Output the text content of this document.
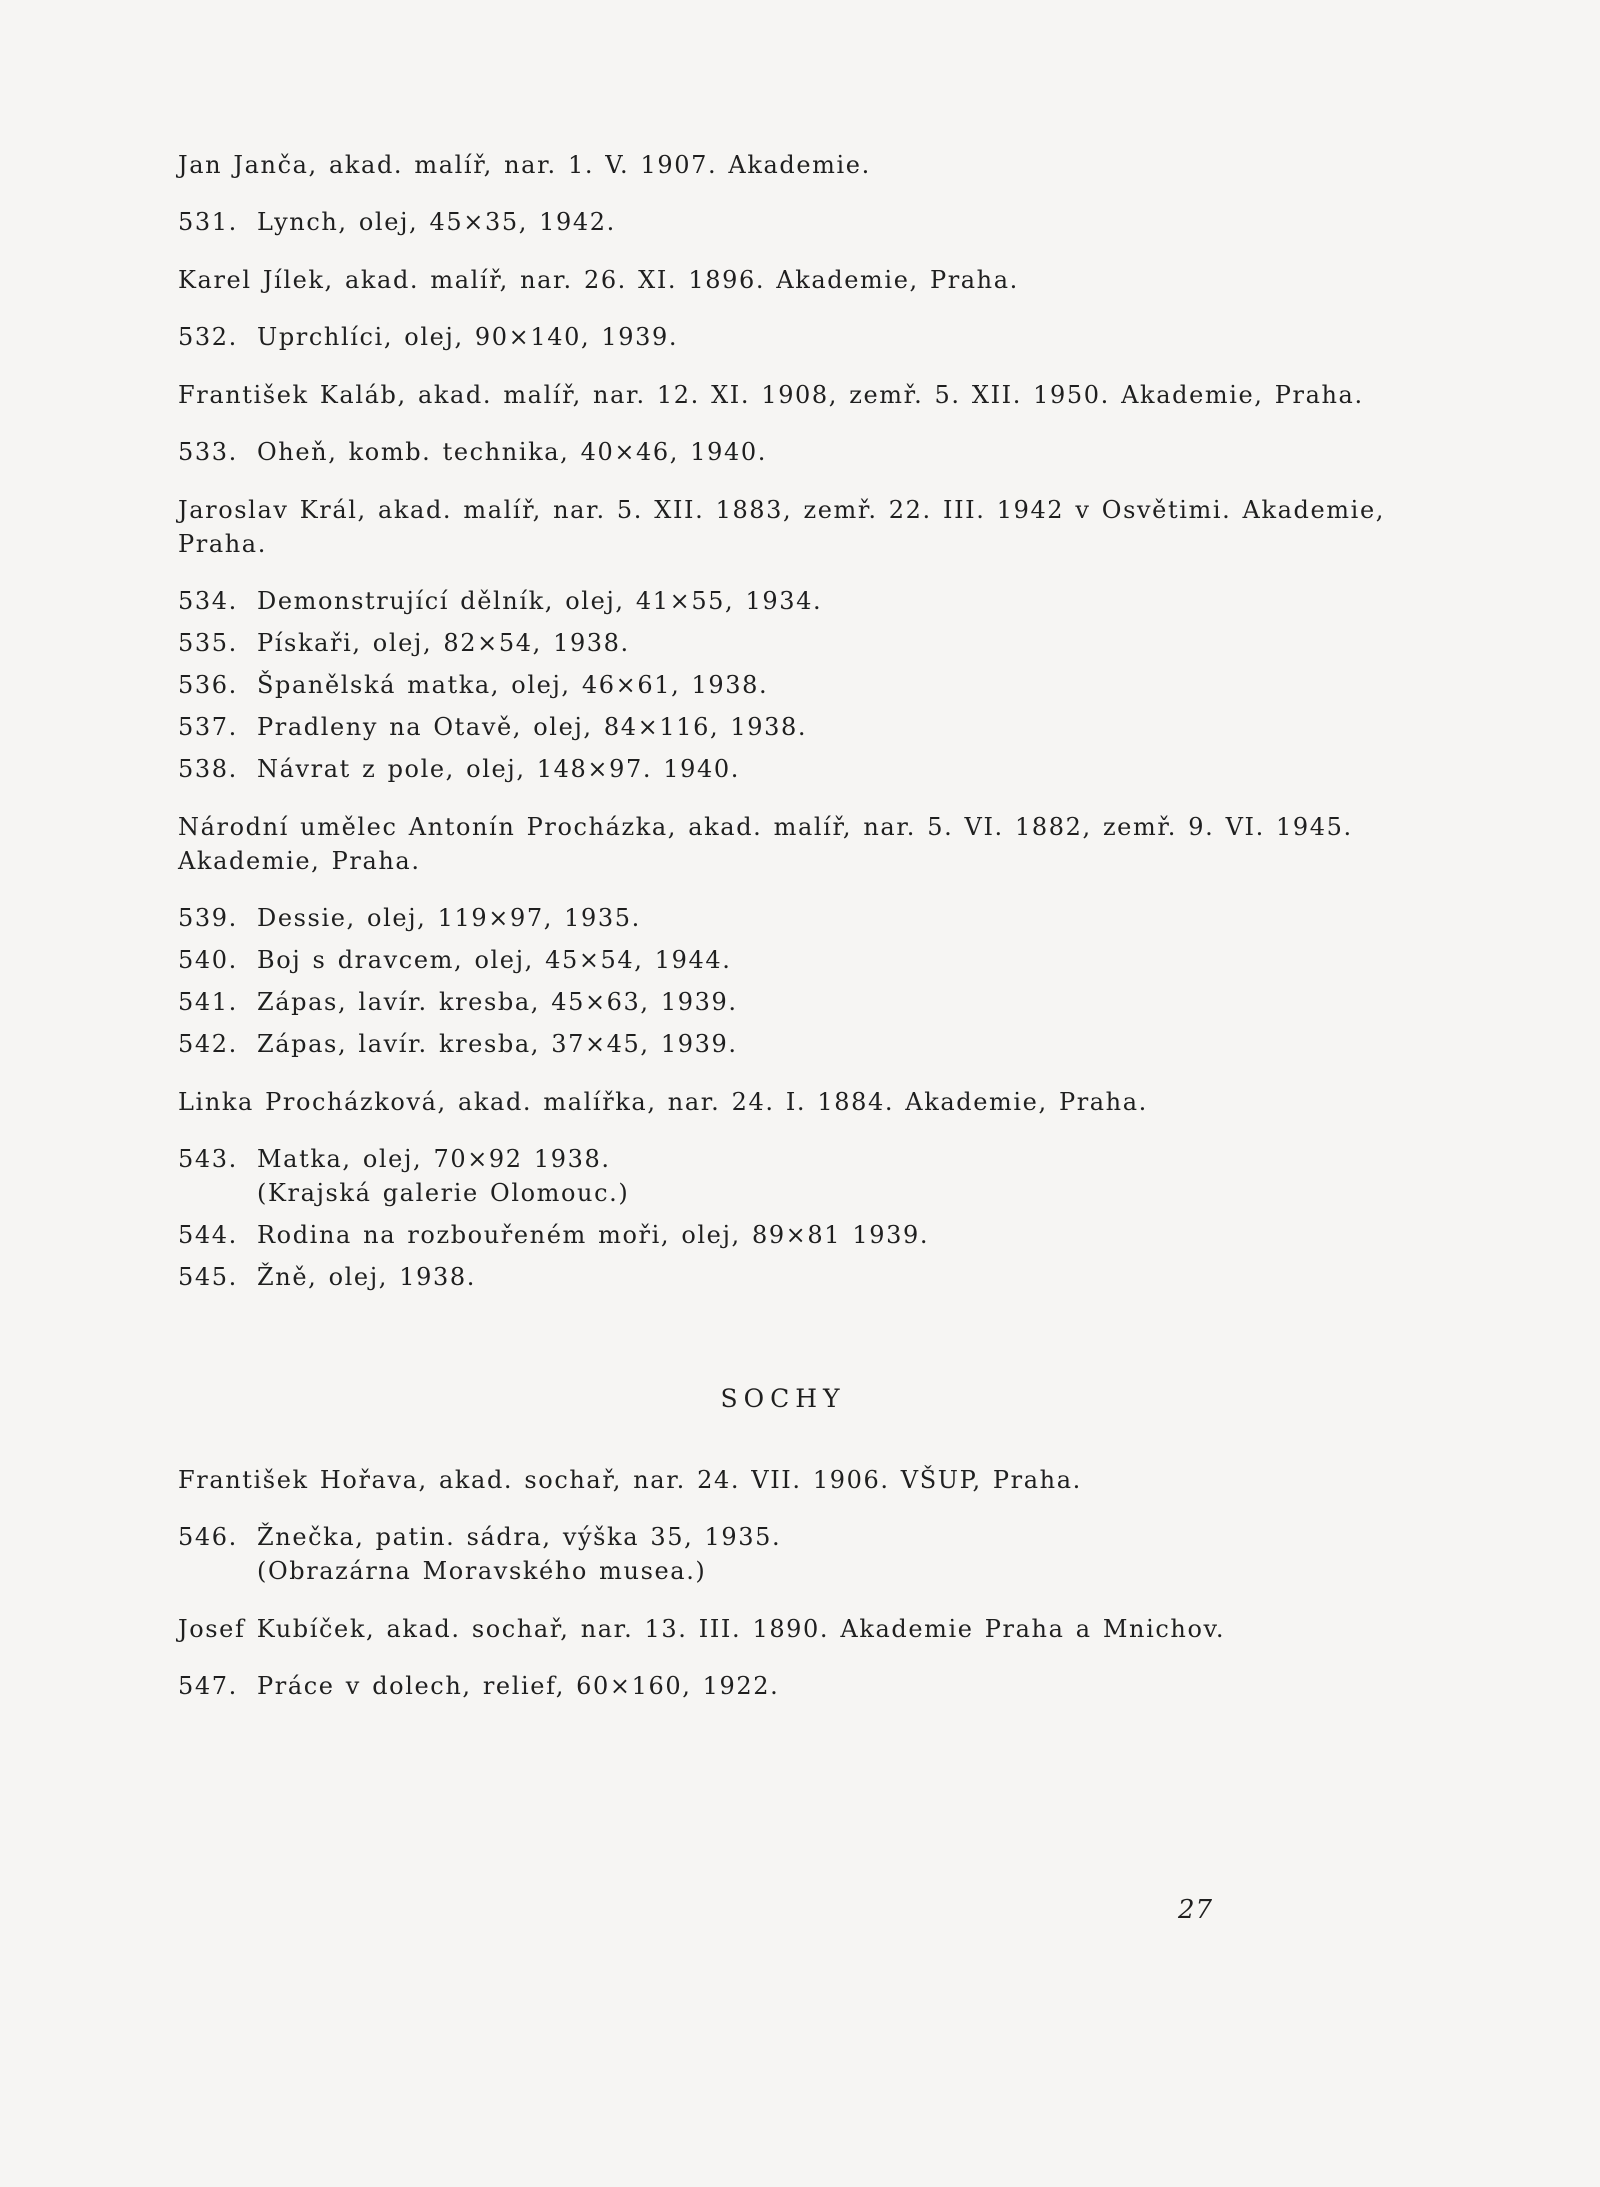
Jan Janča, akad. malíř, nar. 1. V. 1907. Akademie.
531. Lynch, olej, 45×35, 1942.
Karel Jílek, akad. malíř, nar. 26. XI. 1896. Akademie, Praha.
532. Uprchlíci, olej, 90×140, 1939.
František Kaláb, akad. malíř, nar. 12. XI. 1908, zemř. 5. XII. 1950. Akademie, Praha.
533. Oheň, komb. technika, 40×46, 1940.
Jaroslav Král, akad. malíř, nar. 5. XII. 1883, zemř. 22. III. 1942 v Osvětimi. Akademie, Praha.
534. Demonstrující dělník, olej, 41×55, 1934.
535. Pískaři, olej, 82×54, 1938.
536. Španělská matka, olej, 46×61, 1938.
537. Pradleny na Otavě, olej, 84×116, 1938.
538. Návrat z pole, olej, 148×97. 1940.
Národní umělec Antonín Procházka, akad. malíř, nar. 5. VI. 1882, zemř. 9. VI. 1945. Akademie, Praha.
539. Dessie, olej, 119×97, 1935.
540. Boj s dravcem, olej, 45×54, 1944.
541. Zápas, lavír. kresba, 45×63, 1939.
542. Zápas, lavír. kresba, 37×45, 1939.
Linka Procházková, akad. malířka, nar. 24. I. 1884. Akademie, Praha.
543. Matka, olej, 70×92 1938.
(Krajská galerie Olomouc.)
544. Rodina na rozbouřeném moři, olej, 89×81 1939.
545. Žně, olej, 1938.
SOCHY
František Hořava, akad. sochař, nar. 24. VII. 1906. VŠUP, Praha.
546. Žnečka, patin. sádra, výška 35, 1935.
(Obrazárna Moravského musea.)
Josef Kubíček, akad. sochař, nar. 13. III. 1890. Akademie Praha a Mnichov.
547. Práce v dolech, relief, 60×160, 1922.
27
